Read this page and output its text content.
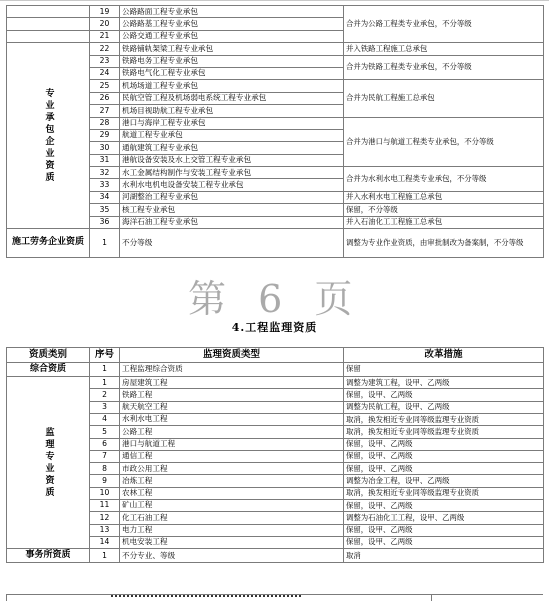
	19	公路路面工程专业承包	合并为公路工程类专业承包，不分等级
	20	公路路基工程专业承包	
	21	公路交通工程专业承包	
专业承包企业资质	22	铁路铺轨架梁工程专业承包	并入铁路工程施工总承包
	23	铁路电务工程专业承包	合并为铁路工程类专业承包，不分等级
	24	铁路电气化工程专业承包	
	25	机场场道工程专业承包	合并为民航工程施工总承包
	26	民航空管工程及机场弱电系统工程专业承包	
	27	机场目视助航工程专业承包	
	28	港口与海岸工程专业承包	合并为港口与航道工程类专业承包，不分等级
	29	航道工程专业承包	
	30	通航建筑工程专业承包	
	31	港航设备安装及水上交管工程专业承包	
	32	水工金属结构制作与安装工程专业承包	合并为水利水电工程类专业承包，不分等级
	33	水利水电机电设备安装工程专业承包	
	34	河湖整治工程专业承包	并入水利水电工程施工总承包
	35	核工程专业承包	保留，不分等级
	36	海洋石油工程专业承包	并入石油化工工程施工总承包
施工劳务企业资质	1	不分等级	调整为专业作业资质，由审批制改为备案制，不分等级
第 6 页
4.工程监理资质
资质类别	序号	监理资质类型	改革措施
综合资质	1	工程监理综合资质	保留
监理专业资质	1	房屋建筑工程	调整为建筑工程，设甲、乙两级
	2	铁路工程	保留，设甲、乙两级
	3	航天航空工程	调整为民航工程，设甲、乙两级
	4	水利水电工程	取消，换发相近专业同等级监理专业资质
	5	公路工程	取消，换发相近专业同等级监理专业资质
	6	港口与航道工程	保留，设甲、乙两级
	7	通信工程	保留，设甲、乙两级
	8	市政公用工程	保留，设甲、乙两级
	9	冶炼工程	调整为冶金工程，设甲、乙两级
	10	农林工程	取消，换发相近专业同等级监理专业资质
	11	矿山工程	保留，设甲、乙两级
	12	化工石油工程	调整为石油化工工程，设甲、乙两级
	13	电力工程	保留，设甲、乙两级
	14	机电安装工程	保留，设甲、乙两级
事务所资质	1	不分专业、等级	取消
